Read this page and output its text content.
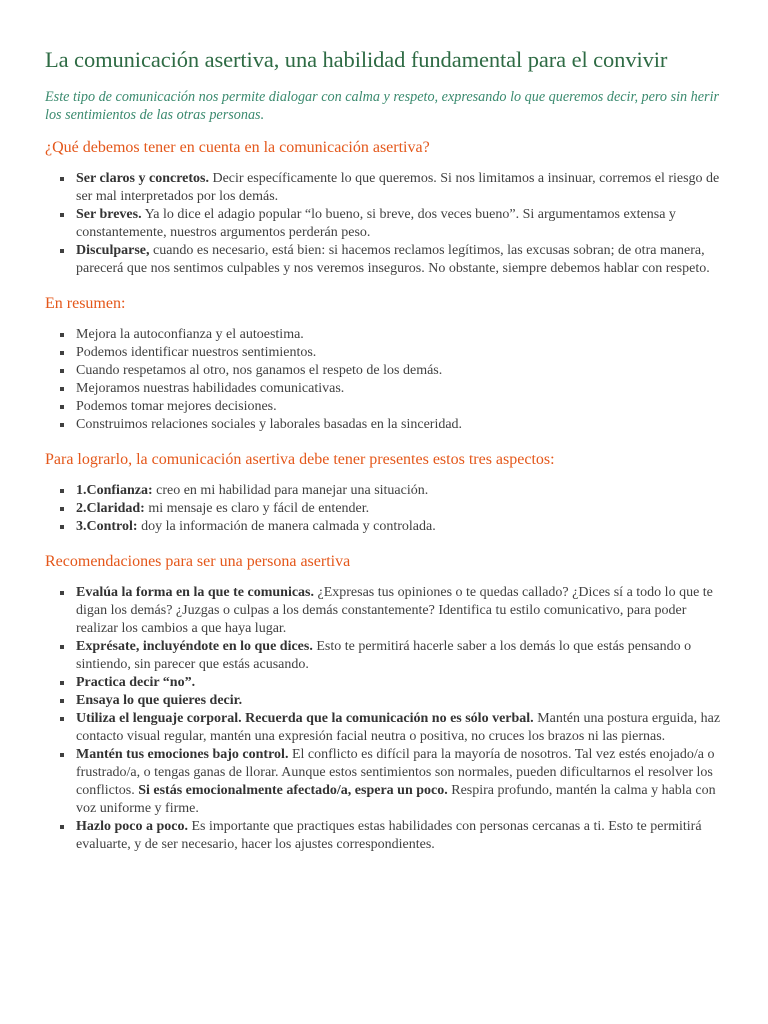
La comunicación asertiva, una habilidad fundamental para el convivir

Este tipo de comunicación nos permite dialogar con calma y respeto, expresando lo que queremos decir, pero sin herir los sentimientos de las otras personas.

¿Qué debemos tener en cuenta en la comunicación asertiva?
Ser claros y concretos. Decir específicamente lo que queremos. Si nos limitamos a insinuar, corremos el riesgo de ser mal interpretados por los demás.
Ser breves. Ya lo dice el adagio popular “lo bueno, si breve, dos veces bueno”. Si argumentamos extensa y constantemente, nuestros argumentos perderán peso.
Disculparse, cuando es necesario, está bien: si hacemos reclamos legítimos, las excusas sobran; de otra manera, parecerá que nos sentimos culpables y nos veremos inseguros. No obstante, siempre debemos hablar con respeto.
En resumen:
Mejora la autoconfianza y el autoestima.
Podemos identificar nuestros sentimientos.
Cuando respetamos al otro, nos ganamos el respeto de los demás.
Mejoramos nuestras habilidades comunicativas.
Podemos tomar mejores decisiones.
Construimos relaciones sociales y laborales basadas en la sinceridad.
Para lograrlo, la comunicación asertiva debe tener presentes estos tres aspectos:
1.Confianza: creo en mi habilidad para manejar una situación.
2.Claridad: mi mensaje es claro y fácil de entender.
3.Control: doy la información de manera calmada y controlada.
Recomendaciones para ser una persona asertiva
Evalúa la forma en la que te comunicas. ¿Expresas tus opiniones o te quedas callado? ¿Dices sí a todo lo que te digan los demás? ¿Juzgas o culpas a los demás constantemente? Identifica tu estilo comunicativo, para poder realizar los cambios a que haya lugar.
Exprésate, incluyéndote en lo que dices. Esto te permitirá hacerle saber a los demás lo que estás pensando o sintiendo, sin parecer que estás acusando.
Practica decir “no”.
Ensaya lo que quieres decir.
Utiliza el lenguaje corporal. Recuerda que la comunicación no es sólo verbal. Mantén una postura erguida, haz contacto visual regular, mantén una expresión facial neutra o positiva, no cruces los brazos ni las piernas.
Mantén tus emociones bajo control. El conflicto es difícil para la mayoría de nosotros. Tal vez estés enojado/a o frustrado/a, o tengas ganas de llorar. Aunque estos sentimientos son normales, pueden dificultarnos el resolver los conflictos. Si estás emocionalmente afectado/a, espera un poco. Respira profundo, mantén la calma y habla con voz uniforme y firme.
Hazlo poco a poco. Es importante que practiques estas habilidades con personas cercanas a ti. Esto te permitirá evaluarte, y de ser necesario, hacer los ajustes correspondientes.
